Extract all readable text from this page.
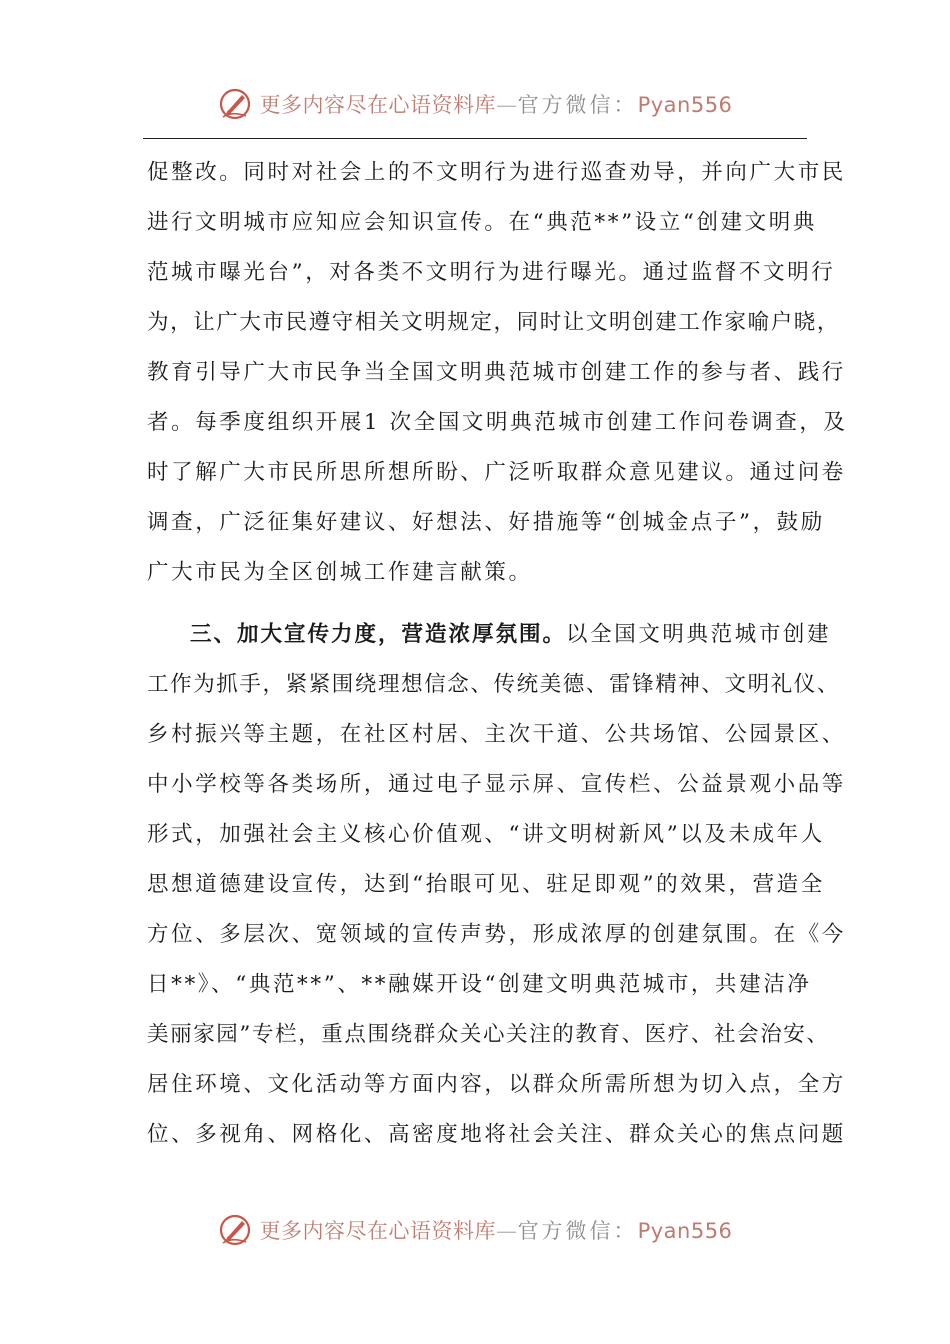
更多内容尽在心语资料库—官方微信：Pyan556
促整改。同时对社会上的不文明行为进行巡查劝导，并向广大市民
进行文明城市应知应会知识宣传。在“典范**”设立“创建文明典
范城市曝光台”，对各类不文明行为进行曝光。通过监督不文明行
为，让广大市民遵守相关文明规定，同时让文明创建工作家喻户晓，
教育引导广大市民争当全国文明典范城市创建工作的参与者、践行
者。每季度组织开展1 次全国文明典范城市创建工作问卷调查，及
时了解广大市民所思所想所盼、广泛听取群众意见建议。通过问卷
调查，广泛征集好建议、好想法、好措施等“创城金点子”，鼓励
广大市民为全区创城工作建言献策。
三、加大宣传力度，营造浓厚氛围。以全国文明典范城市创建
工作为抓手，紧紧围绕理想信念、传统美德、雷锋精神、文明礼仪、
乡村振兴等主题，在社区村居、主次干道、公共场馆、公园景区、
中小学校等各类场所，通过电子显示屏、宣传栏、公益景观小品等
形式，加强社会主义核心价值观、“讲文明树新风”以及未成年人
思想道德建设宣传，达到“抬眼可见、驻足即观”的效果，营造全
方位、多层次、宽领域的宣传声势，形成浓厚的创建氛围。在《今
日**》、“典范**”、**融媒开设“创建文明典范城市，共建洁净
美丽家园”专栏，重点围绕群众关心关注的教育、医疗、社会治安、
居住环境、文化活动等方面内容，以群众所需所想为切入点，全方
位、多视角、网格化、高密度地将社会关注、群众关心的焦点问题
更多内容尽在心语资料库—官方微信：Pyan556
